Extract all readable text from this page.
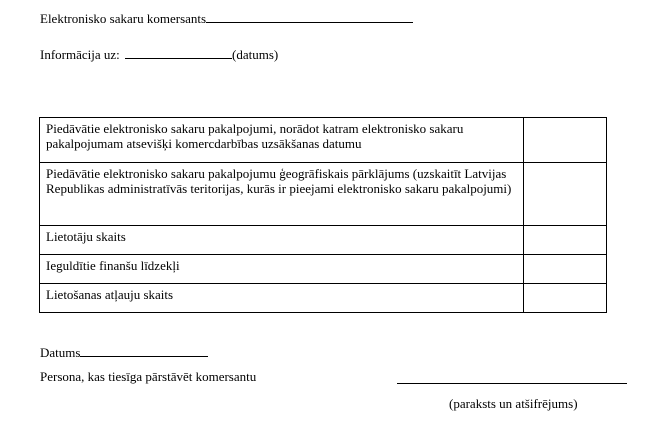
Elektronisko sakaru komersants
Informācija uz:	(datums)
Piedāvātie elektronisko sakaru pakalpojumi, norādot katram elektronisko sakaru pakalpojumam atsevišķi komercdarbības uzsākšanas datumu	
Piedāvātie elektronisko sakaru pakalpojumu ģeogrāfiskais pārklājums (uzskaitīt Latvijas Republikas administratīvās teritorijas, kurās ir pieejami elektronisko sakaru pakalpojumi)	
Lietotāju skaits	
Ieguldītie finanšu līdzekļi	
Lietošanas atļauju skaits	
Datums
Persona, kas tiesīga pārstāvēt komersantu
(paraksts un atšifrējums)
